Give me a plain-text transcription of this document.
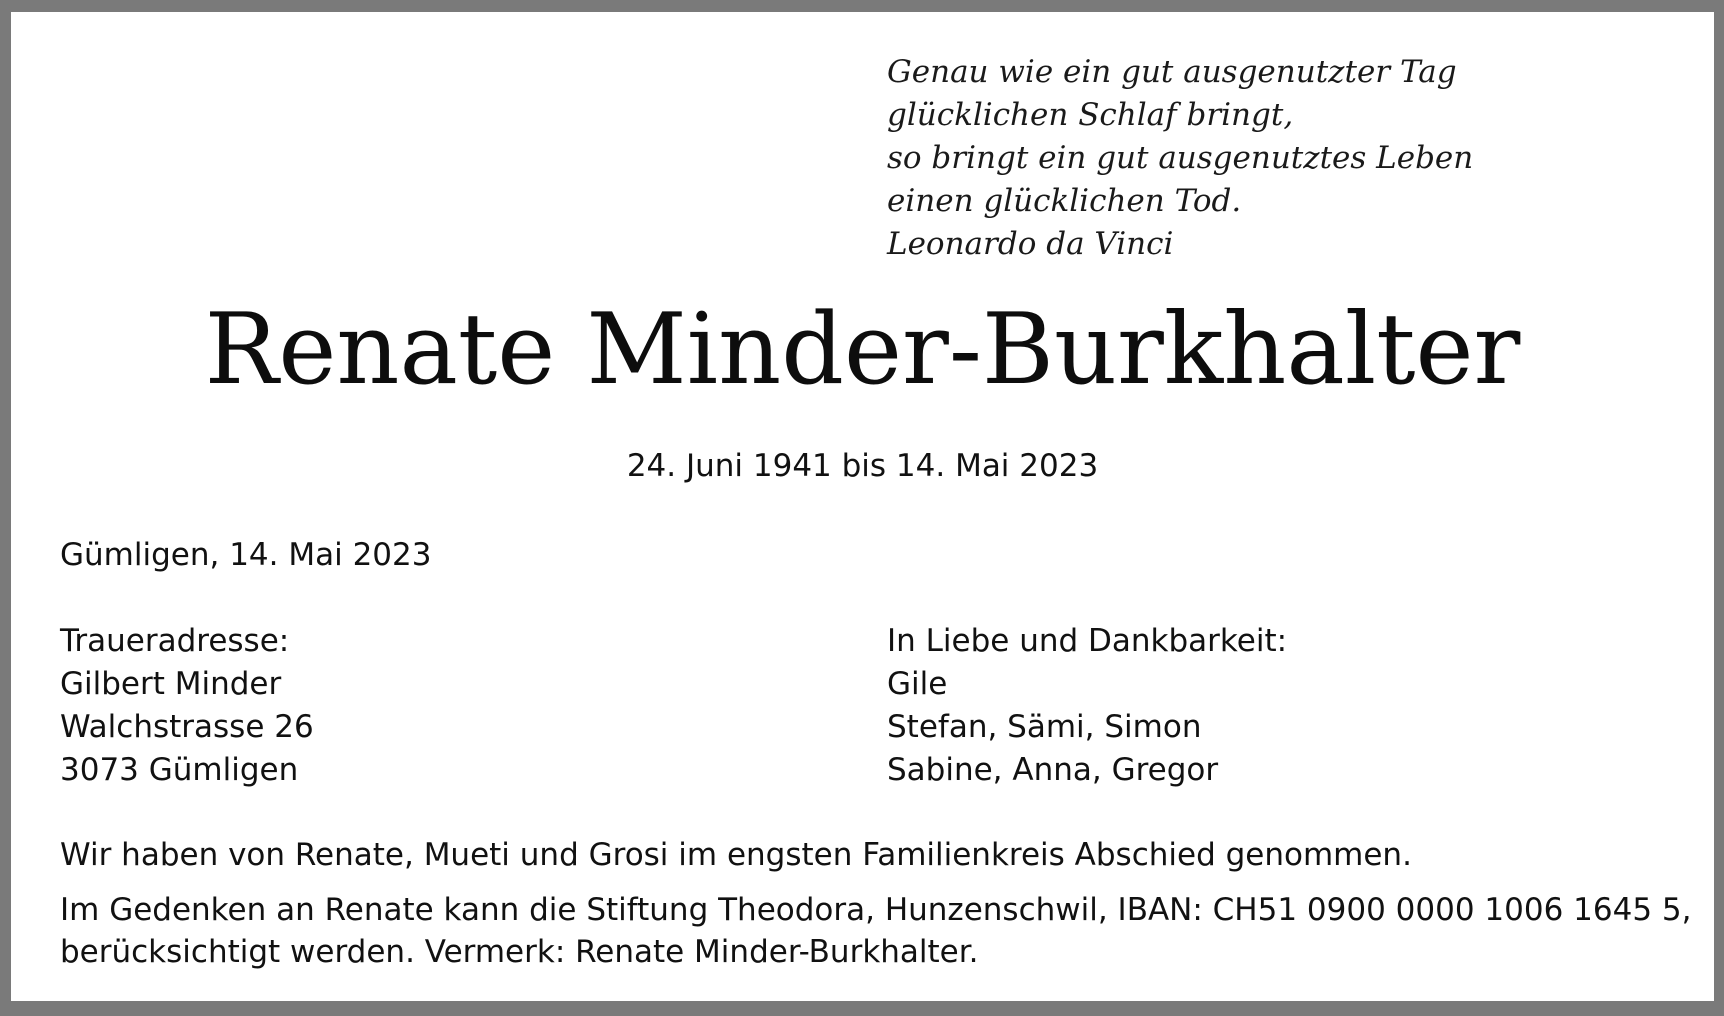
Genau wie ein gut ausgenutzter Tag
glücklichen Schlaf bringt,
so bringt ein gut ausgenutztes Leben
einen glücklichen Tod.
Leonardo da Vinci
Renate Minder-Burkhalter
24. Juni 1941 bis 14. Mai 2023
Gümligen, 14. Mai 2023
Traueradresse:
Gilbert Minder
Walchstrasse 26
3073 Gümligen
In Liebe und Dankbarkeit:
Gile
Stefan, Sämi, Simon
Sabine, Anna, Gregor
Wir haben von Renate, Mueti und Grosi im engsten Familienkreis Abschied genommen.
Im Gedenken an Renate kann die Stiftung Theodora, Hunzenschwil, IBAN: CH51 0900 0000 1006 1645 5,
berücksichtigt werden. Vermerk: Renate Minder-Burkhalter.
